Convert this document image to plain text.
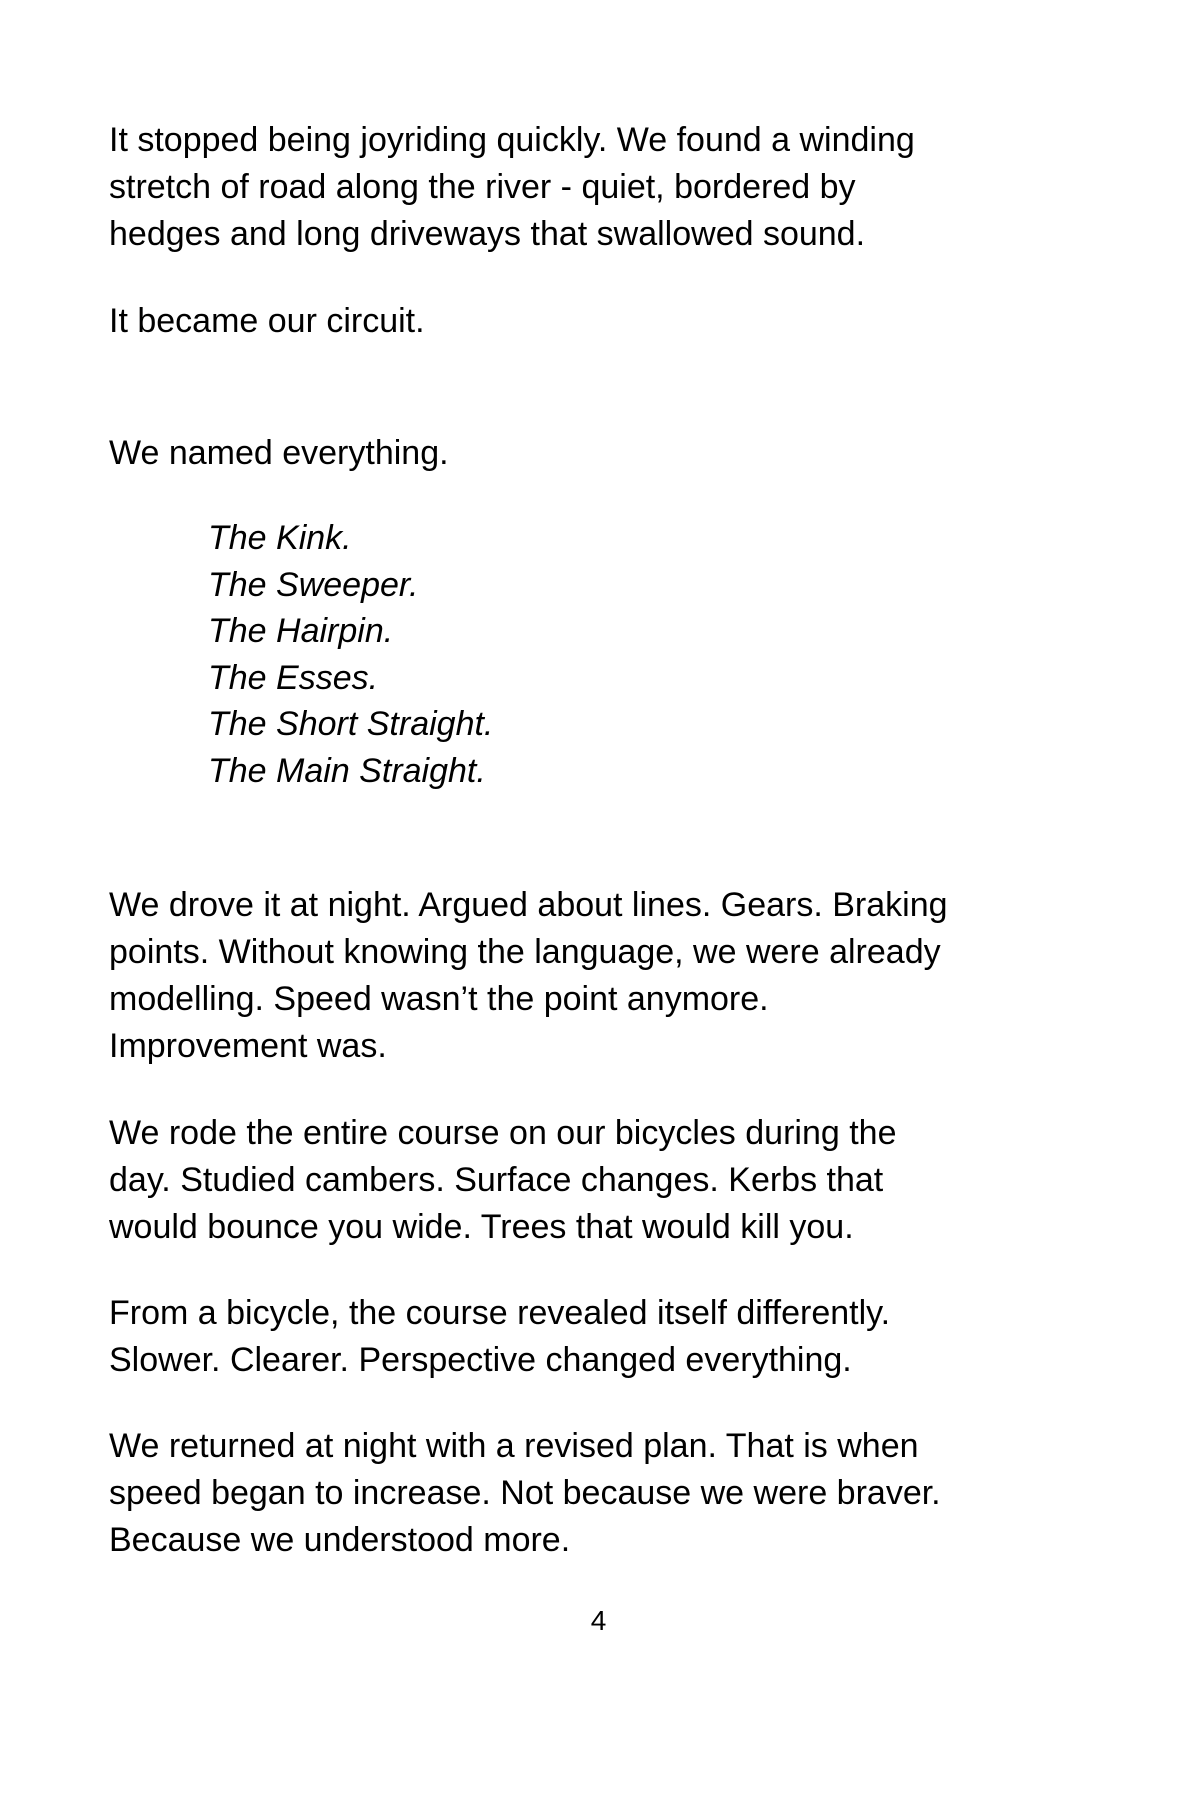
It stopped being joyriding quickly. We found a winding
stretch of road along the river - quiet, bordered by
hedges and long driveways that swallowed sound.

It became our circuit.

We named everything.

The Kink.
The Sweeper.
The Hairpin.
The Esses.
The Short Straight.
The Main Straight.

We drove it at night. Argued about lines. Gears. Braking
points. Without knowing the language, we were already
modelling. Speed wasn’t the point anymore.
Improvement was.

We rode the entire course on our bicycles during the
day. Studied cambers. Surface changes. Kerbs that
would bounce you wide. Trees that would kill you.

From a bicycle, the course revealed itself differently.
Slower. Clearer. Perspective changed everything.

We returned at night with a revised plan. That is when
speed began to increase. Not because we were braver.
Because we understood more.

4
